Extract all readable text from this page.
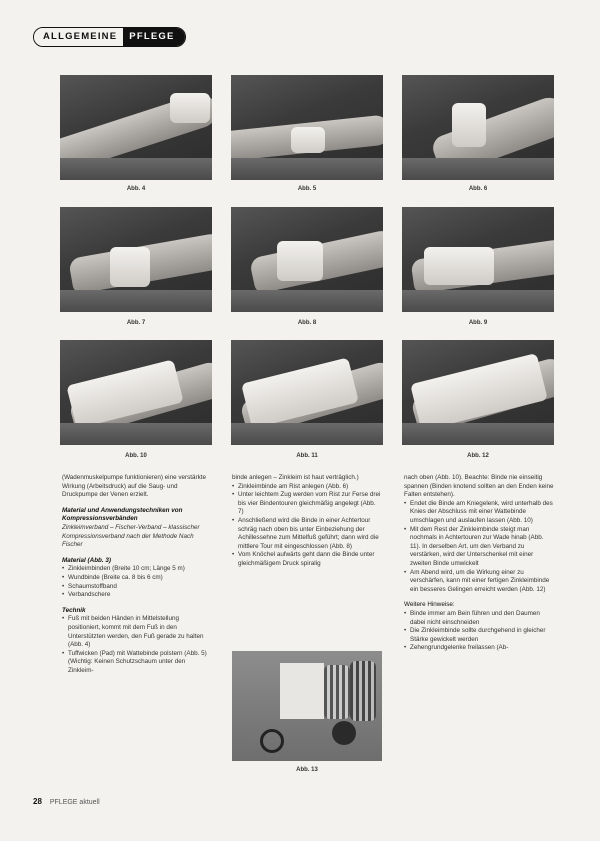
ALLGEMEINE	PFLEGE
Abb. 4	Abb. 5	Abb. 6
Abb. 7	Abb. 8	Abb. 9
Abb. 10	Abb. 11	Abb. 12

(Wadenmuskelpumpe funktionieren) eine verstärkte Wirkung (Arbeitsdruck) auf die Saug- und Druckpumpe der Venen erzielt.

Material und Anwendungstechniken von Kompressionsverbänden

Zinkleimverband – Fischer-Verband – klassischer Kompressionsverband nach der Methode Nach Fischer

Material (Abb. 3)

• Zinkleimbinden (Breite 10 cm; Länge 5 m)
• Wundbinde (Breite ca. 8 bis 6 cm)
• Schaumstoffband
• Verbandschere

Technik

• Fuß mit beiden Händen in Mittelstellung positioniert, kommt mit dem Fuß in den Unterstützten werden, den Fuß gerade zu halten (Abb. 4)
• Tuffwicken (Pad) mit Wattebinde polstern (Abb. 5) (Wichtig: Keinen Schutzschaum unter den Zinkleim-

binde anlegen – Zinkleim ist haut verträglich.)

• Zinkleimbinde am Rist anlegen (Abb. 6)
• Unter leichtem Zug werden vom Rist zur Ferse drei bis vier Bindentouren gleichmäßig angelegt (Abb. 7)
• Anschließend wird die Binde in einer Achtertour schräg nach oben bis unter Einbeziehung der Achillessehne zum Mittelfuß geführt; dann wird die mittlere Tour mit eingeschlossen (Abb. 8)
• Vom Knöchel aufwärts geht dann die Binde unter gleichmäßigem Druck spiralig
Abb. 13

nach oben (Abb. 10). Beachte: Binde nie einseitig spannen (Binden knotend sollten an den Enden keine Falten entstehen).

• Endet die Binde am Kniegelenk, wird unterhalb des Knies der Abschluss mit einer Wattebinde umschlagen und auslaufen lassen (Abb. 10)
• Mit dem Rest der Zinkleimbinde steigt man nochmals in Achtertouren zur Wade hinab (Abb. 11). In derselben Art, um den Verband zu verstärken, wird der Unterschenkel mit einer zweiten Binde umwickelt
• Am Abend wird, um die Wirkung einer zu verschärfen, kann mit einer fertigen Zinkleimbinde ein besseres Gelingen erreicht werden (Abb. 12)

Weitere Hinweise:

• Binde immer am Bein führen und den Daumen dabei nicht einschneiden
• Die Zinkleimbinde sollte durchgehend in gleicher Stärke gewickelt werden
• Zehengrundgelenke freilassen (Ab-
28 PFLEGE aktuell
